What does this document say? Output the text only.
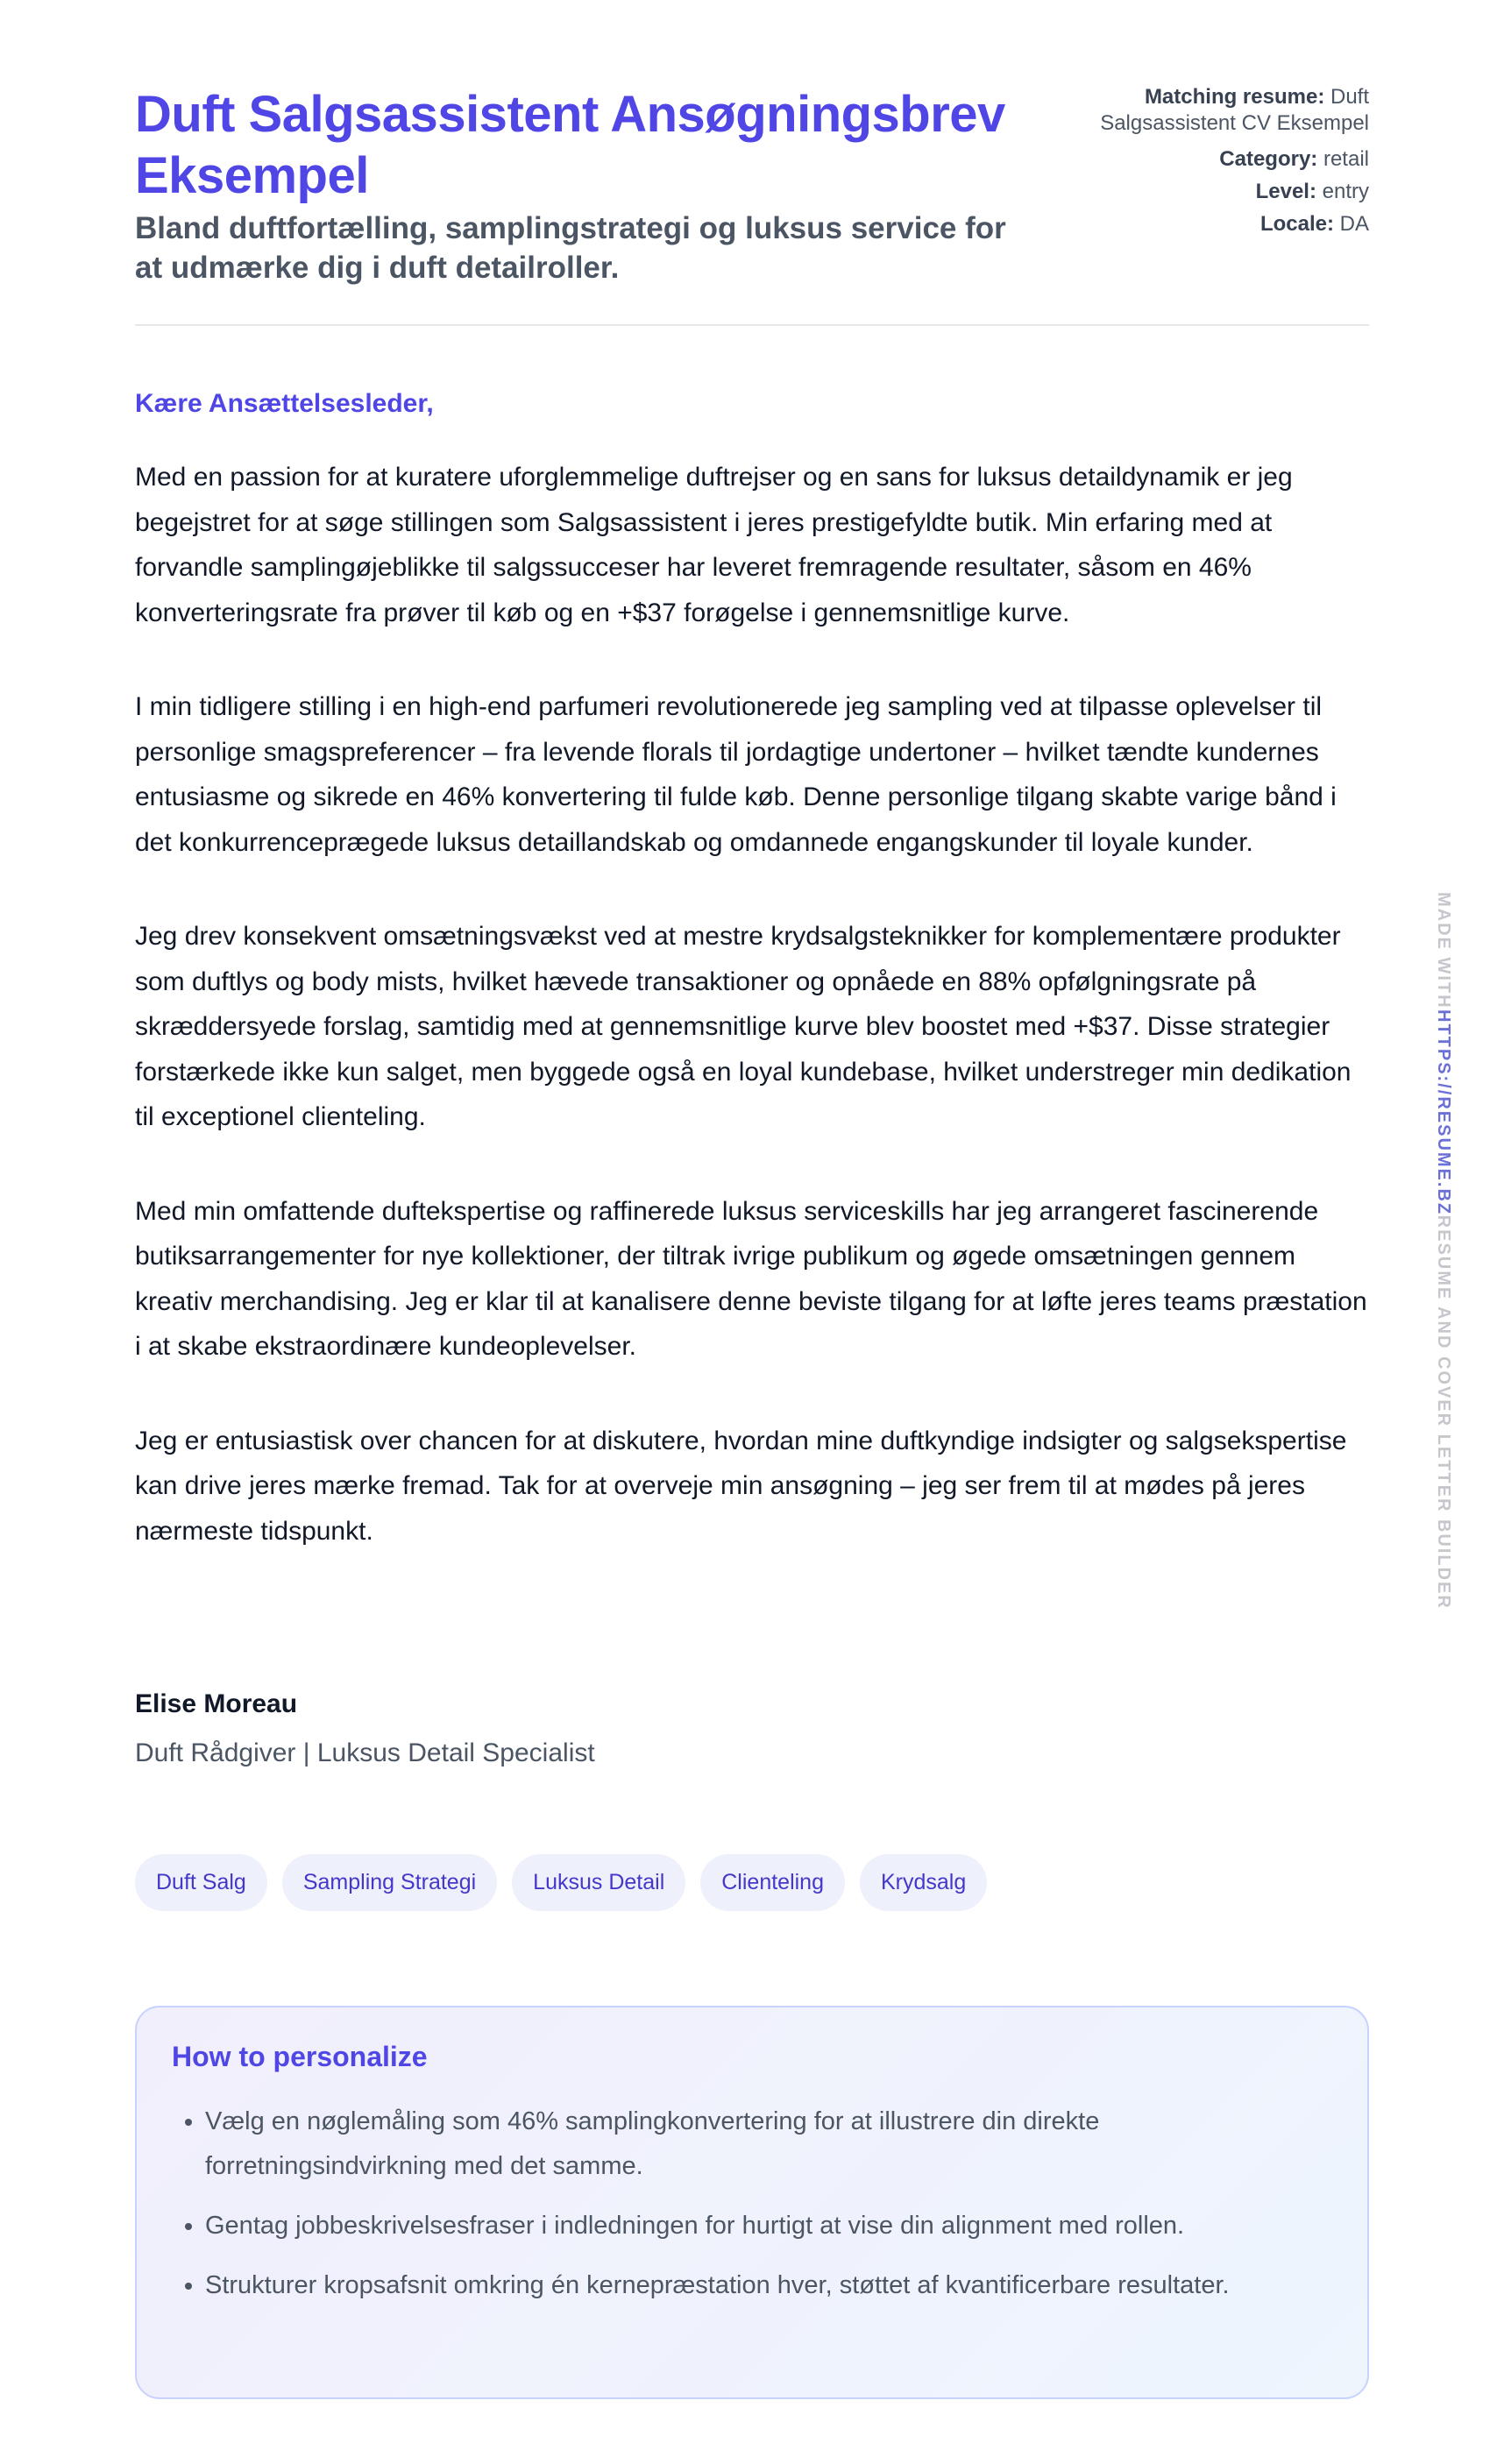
Duft Salgsassistent Ansøgningsbrev Eksempel
Bland duftfortælling, samplingstrategi og luksus service for at udmærke dig i duft detailroller.
Matching resume: Duft Salgsassistent CV Eksempel
Category: retail
Level: entry
Locale: DA
Kære Ansættelsesleder,

Med en passion for at kuratere uforglemmelige duftrejser og en sans for luksus detaildynamik er jeg begejstret for at søge stillingen som Salgsassistent i jeres prestigefyldte butik. Min erfaring med at forvandle samplingøjeblikke til salgssucceser har leveret fremragende resultater, såsom en 46% konverteringsrate fra prøver til køb og en +$37 forøgelse i gennemsnitlige kurve.

I min tidligere stilling i en high-end parfumeri revolutionerede jeg sampling ved at tilpasse oplevelser til personlige smagspreferencer – fra levende florals til jordagtige undertoner – hvilket tændte kundernes entusiasme og sikrede en 46% konvertering til fulde køb. Denne personlige tilgang skabte varige bånd i det konkurrenceprægede luksus detaillandskab og omdannede engangskunder til loyale kunder.

Jeg drev konsekvent omsætningsvækst ved at mestre krydsalgsteknikker for komplementære produkter som duftlys og body mists, hvilket hævede transaktioner og opnåede en 88% opfølgningsrate på skræddersyede forslag, samtidig med at gennemsnitlige kurve blev boostet med +$37. Disse strategier forstærkede ikke kun salget, men byggede også en loyal kundebase, hvilket understreger min dedikation til exceptionel clienteling.

Med min omfattende duftekspertise og raffinerede luksus serviceskills har jeg arrangeret fascinerende butiksarrangementer for nye kollektioner, der tiltrak ivrige publikum og øgede omsætningen gennem kreativ merchandising. Jeg er klar til at kanalisere denne beviste tilgang for at løfte jeres teams præstation i at skabe ekstraordinære kundeoplevelser.

Jeg er entusiastisk over chancen for at diskutere, hvordan mine duftkyndige indsigter og salgsekspertise kan drive jeres mærke fremad. Tak for at overveje min ansøgning – jeg ser frem til at mødes på jeres nærmeste tidspunkt.

Elise Moreau
Duft Rådgiver | Luksus Detail Specialist
Duft Salg	Sampling Strategi	Luksus Detail	Clienteling	Krydsalg
How to personalize
• Vælg en nøglemåling som 46% samplingkonvertering for at illustrere din direkte forretningsindvirkning med det samme.
• Gentag jobbeskrivelsesfraser i indledningen for hurtigt at vise din alignment med rollen.
• Strukturer kropsafsnit omkring én kernepræstation hver, støttet af kvantificerbare resultater.
MADE WITHHTTPS://RESUME.BZRESUME AND COVER LETTER BUILDER
